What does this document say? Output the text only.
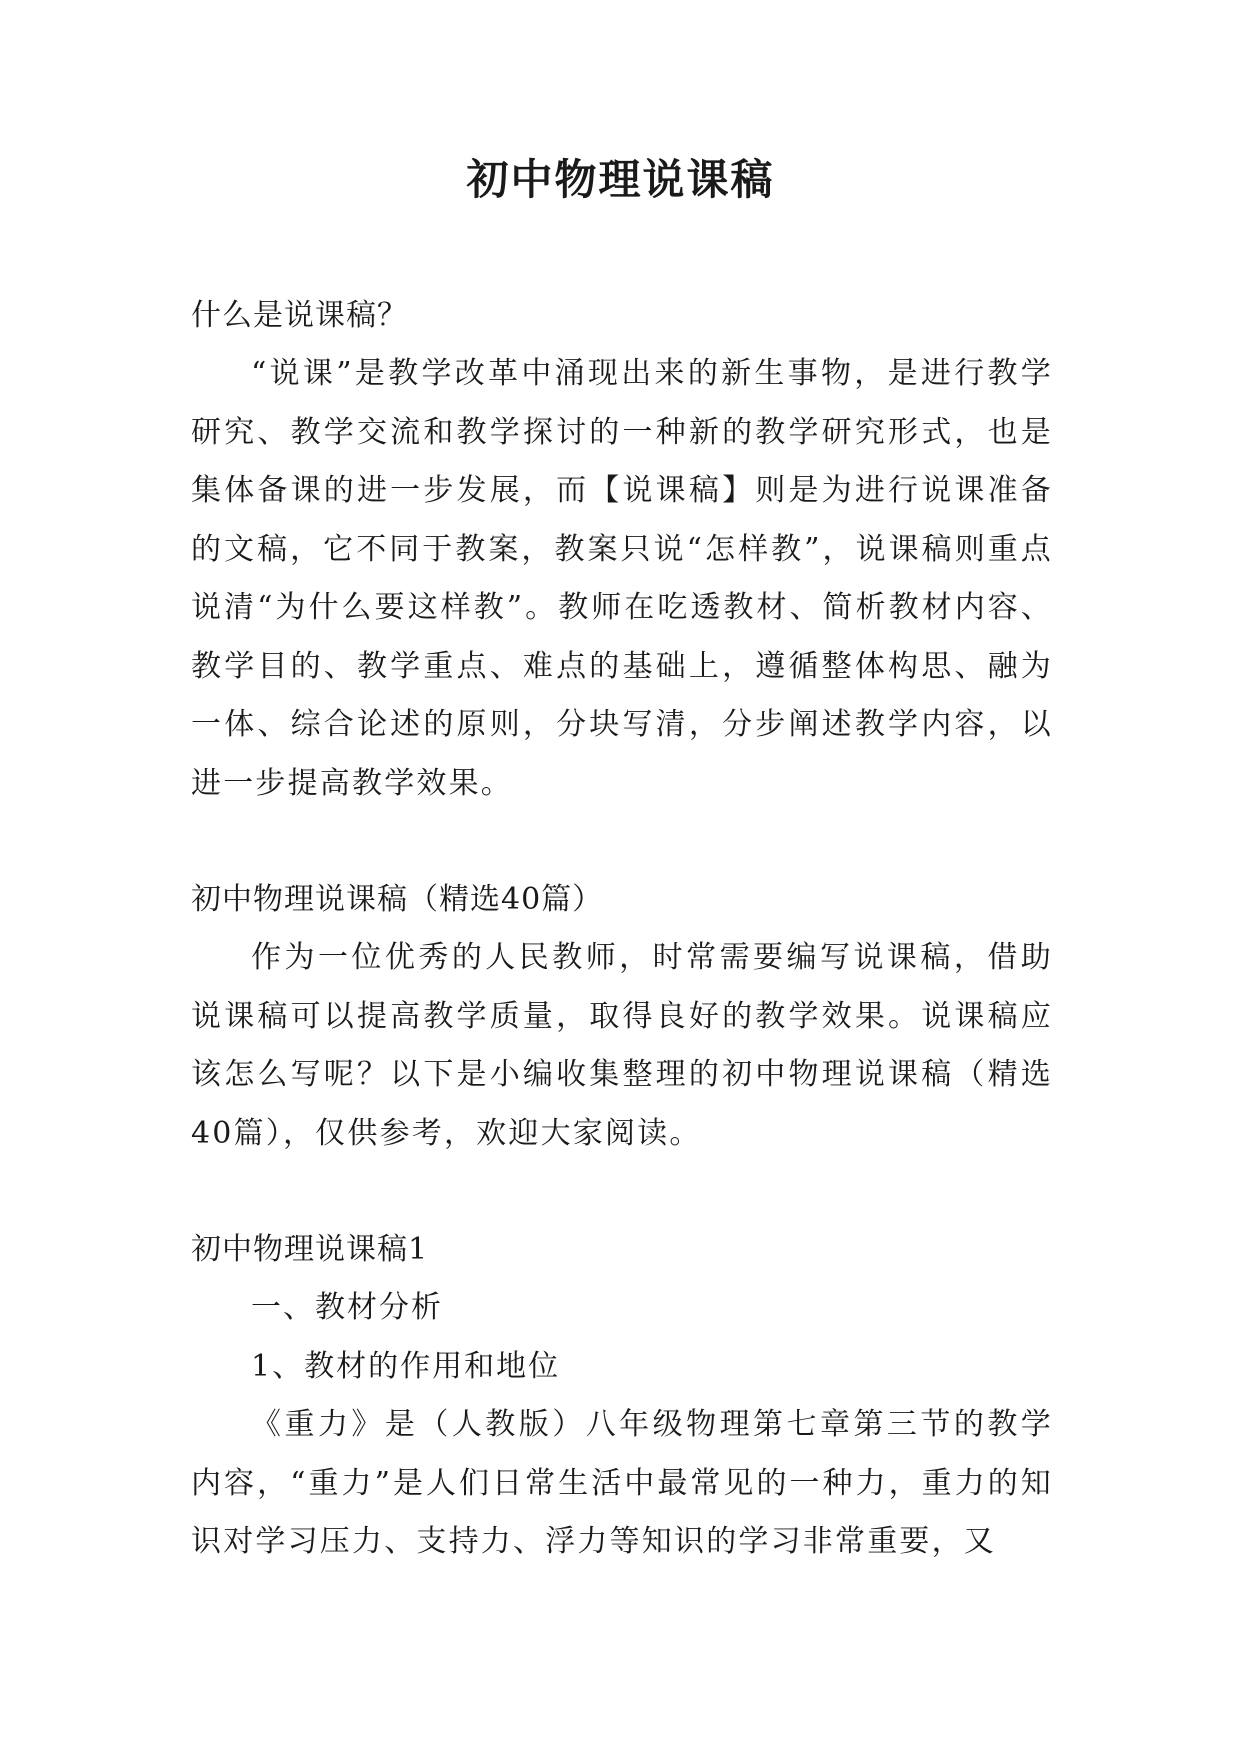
初中物理说课稿

什么是说课稿？

“说课”是教学改革中涌现出来的新生事物，是进行教学研究、教学交流和教学探讨的一种新的教学研究形式，也是集体备课的进一步发展，而【说课稿】则是为进行说课准备的文稿，它不同于教案，教案只说“怎样教”，说课稿则重点说清“为什么要这样教”。教师在吃透教材、简析教材内容、教学目的、教学重点、难点的基础上，遵循整体构思、融为一体、综合论述的原则，分块写清，分步阐述教学内容，以进一步提高教学效果。

初中物理说课稿（精选40篇）

作为一位优秀的人民教师，时常需要编写说课稿，借助说课稿可以提高教学质量，取得良好的教学效果。说课稿应该怎么写呢？以下是小编收集整理的初中物理说课稿（精选40篇），仅供参考，欢迎大家阅读。

初中物理说课稿1

一、教材分析

1、教材的作用和地位

《重力》是（人教版）八年级物理第七章第三节的教学内容，“重力”是人们日常生活中最常见的一种力，重力的知识对学习压力、支持力、浮力等知识的学习非常重要，又
